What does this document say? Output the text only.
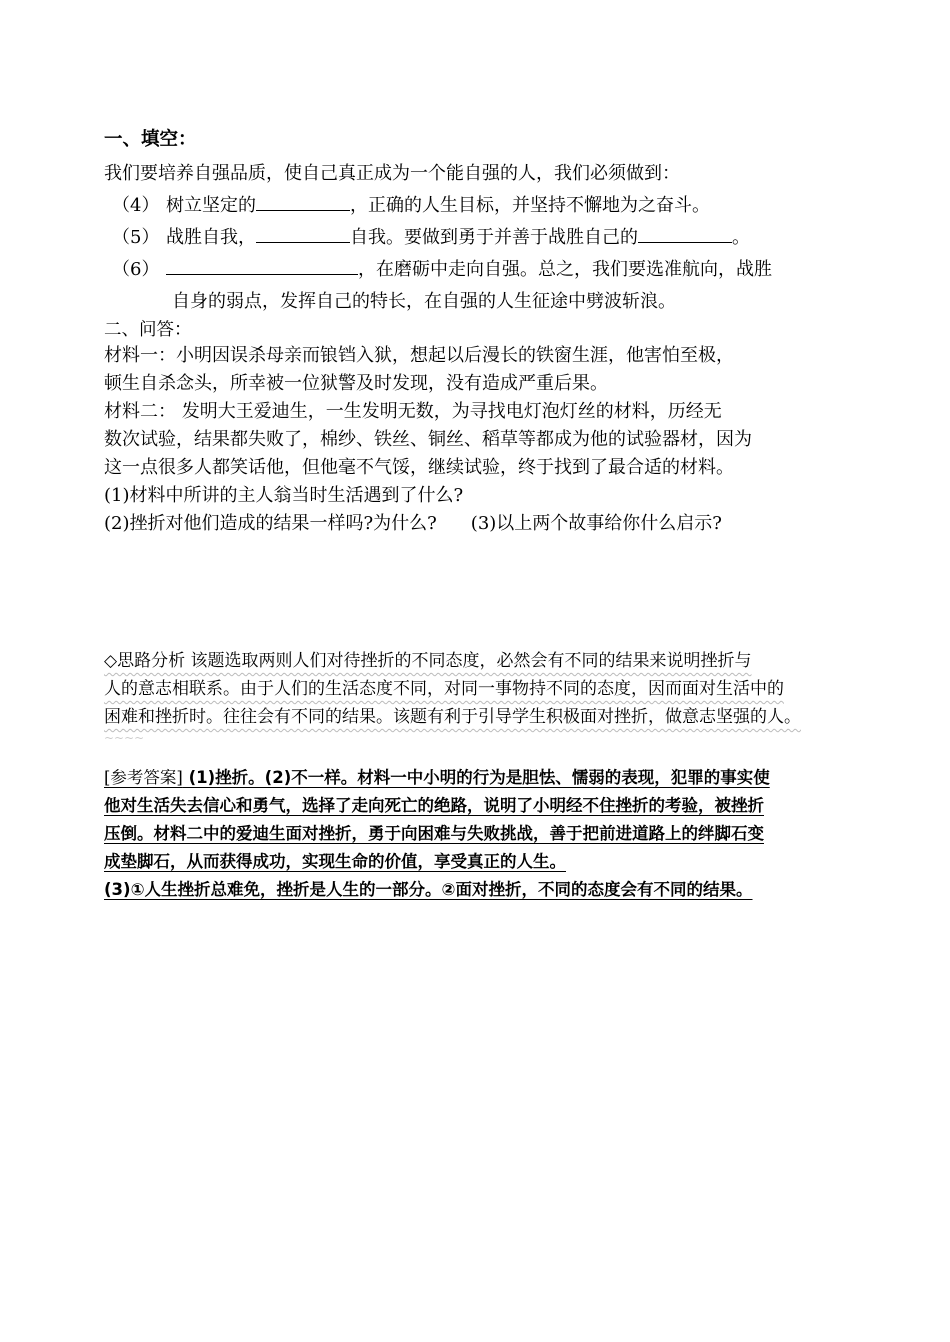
一、填空：
我们要培养自强品质，使自己真正成为一个能自强的人，我们必须做到：
（4） 树立坚定的	，正确的人生目标，并坚持不懈地为之奋斗。
（5） 战胜自我，	自我。要做到勇于并善于战胜自己的	。
（6）	，在磨砺中走向自强。总之，我们要选准航向，战胜
自身的弱点，发挥自己的特长，在自强的人生征途中劈波斩浪。
二、问答：
材料一：小明因误杀母亲而锒铛入狱，想起以后漫长的铁窗生涯，他害怕至极，
顿生自杀念头，所幸被一位狱警及时发现，没有造成严重后果。
材料二： 发明大王爱迪生，一生发明无数，为寻找电灯泡灯丝的材料，历经无
数次试验，结果都失败了，棉纱、铁丝、铜丝、稻草等都成为他的试验器材，因为
这一点很多人都笑话他，但他毫不气馁，继续试验，终于找到了最合适的材料。
(1)材料中所讲的主人翁当时生活遇到了什么?
(2)挫折对他们造成的结果一样吗?为什么? (3)以上两个故事给你什么启示?
◇思路分析 该题选取两则人们对待挫折的不同态度，必然会有不同的结果来说明挫折与
人的意志相联系。由于人们的生活态度不同，对同一事物持不同的态度，因而面对生活中的
困难和挫折时。往往会有不同的结果。该题有利于引导学生积极面对挫折，做意志坚强的人。
~~~~
[参考答案] (1)挫折。(2)不一样。材料一中小明的行为是胆怯、懦弱的表现，犯罪的事实使
他对生活失去信心和勇气，选择了走向死亡的绝路，说明了小明经不住挫折的考验，被挫折
压倒。材料二中的爱迪生面对挫折，勇于向困难与失败挑战，善于把前进道路上的绊脚石变
成垫脚石，从而获得成功，实现生命的价值，享受真正的人生。
(3)①人生挫折总难免，挫折是人生的一部分。②面对挫折，不同的态度会有不同的结果。
